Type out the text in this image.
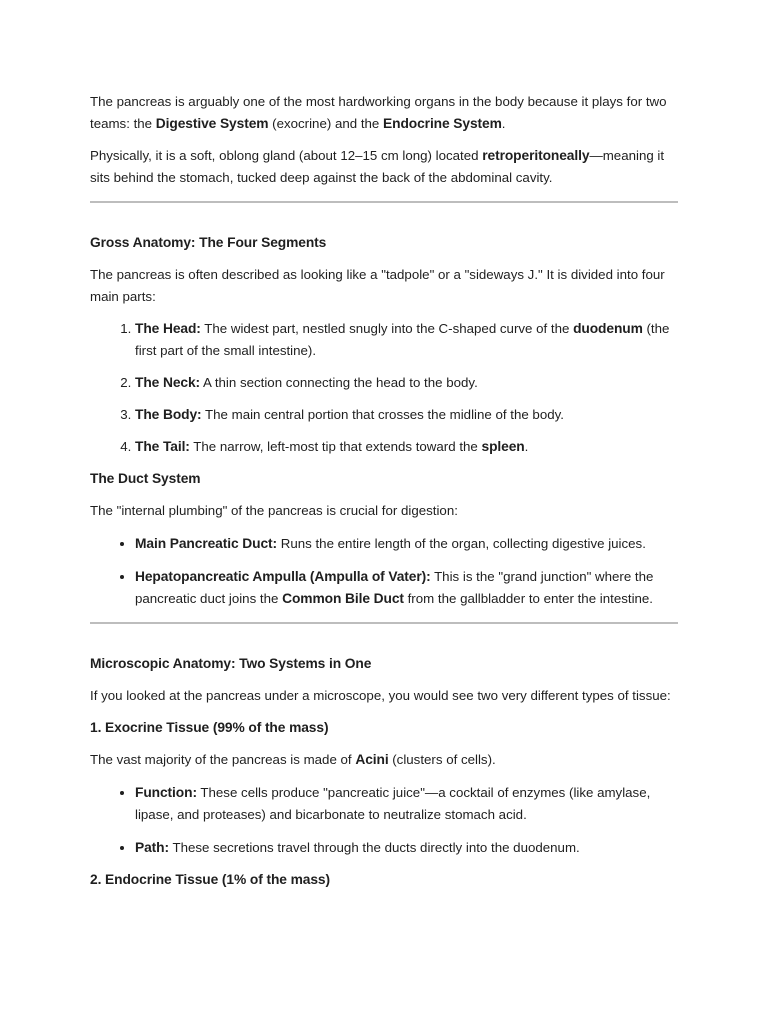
The pancreas is arguably one of the most hardworking organs in the body because it plays for two teams: the Digestive System (exocrine) and the Endocrine System.

Physically, it is a soft, oblong gland (about 12–15 cm long) located retroperitoneally—meaning it sits behind the stomach, tucked deep against the back of the abdominal cavity.

Gross Anatomy: The Four Segments

The pancreas is often described as looking like a "tadpole" or a "sideways J." It is divided into four main parts:

1. The Head: The widest part, nestled snugly into the C-shaped curve of the duodenum (the first part of the small intestine).
2. The Neck: A thin section connecting the head to the body.
3. The Body: The main central portion that crosses the midline of the body.
4. The Tail: The narrow, left-most tip that extends toward the spleen.
The Duct System

The "internal plumbing" of the pancreas is crucial for digestion:

• Main Pancreatic Duct: Runs the entire length of the organ, collecting digestive juices.
• Hepatopancreatic Ampulla (Ampulla of Vater): This is the "grand junction" where the pancreatic duct joins the Common Bile Duct from the gallbladder to enter the intestine.
Microscopic Anatomy: Two Systems in One

If you looked at the pancreas under a microscope, you would see two very different types of tissue:

1. Exocrine Tissue (99% of the mass)

The vast majority of the pancreas is made of Acini (clusters of cells).

• Function: These cells produce "pancreatic juice"—a cocktail of enzymes (like amylase, lipase, and proteases) and bicarbonate to neutralize stomach acid.
• Path: These secretions travel through the ducts directly into the duodenum.
2. Endocrine Tissue (1% of the mass)
